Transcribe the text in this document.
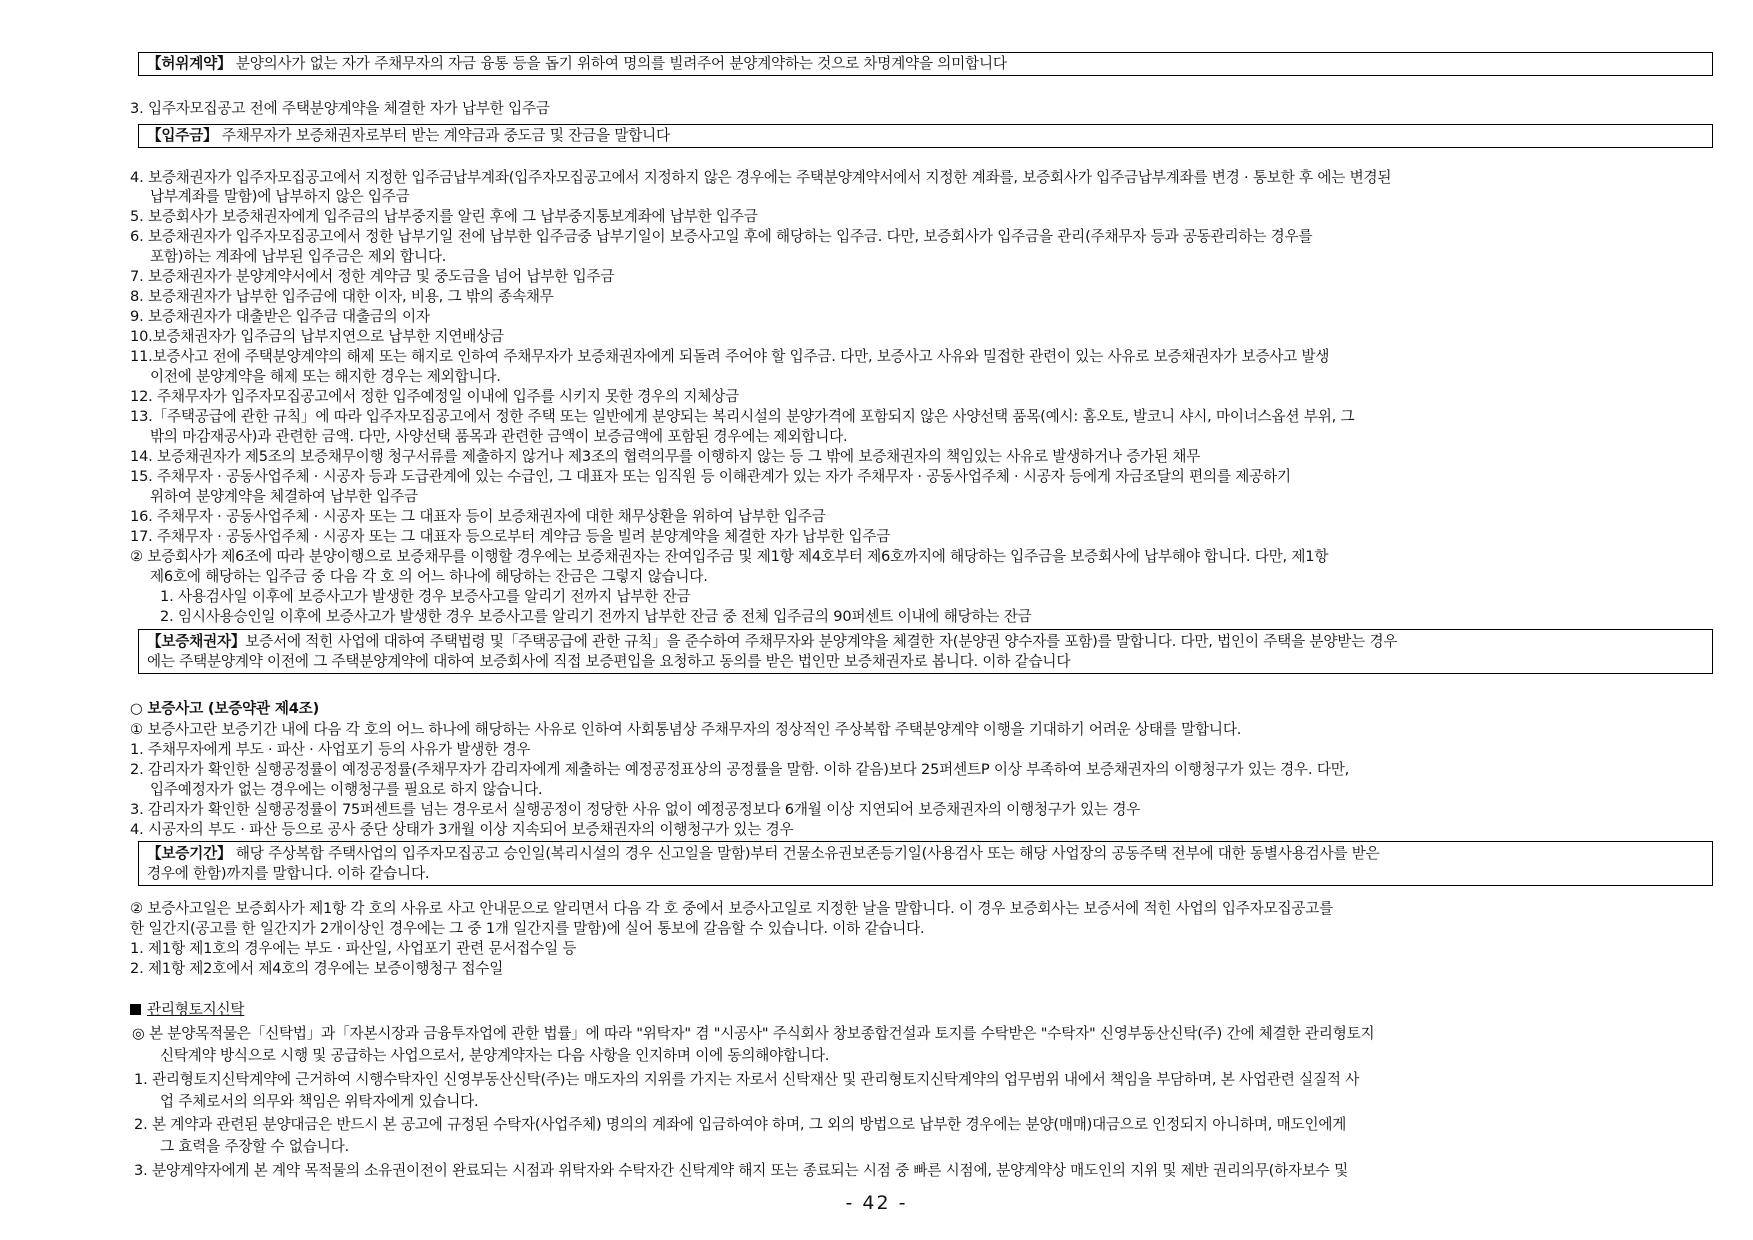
【허위계약】 분양의사가 없는 자가 주채무자의 자금 융통 등을 돕기 위하여 명의를 빌려주어 분양계약하는 것으로 차명계약을 의미합니다
3. 입주자모집공고 전에 주택분양계약을 체결한 자가 납부한 입주금
【입주금】 주채무자가 보증채권자로부터 받는 계약금과 중도금 및 잔금을 말합니다
4. 보증채권자가 입주자모집공고에서 지정한 입주금납부계좌(입주자모집공고에서 지정하지 않은 경우에는 주택분양계약서에서 지정한 계좌를, 보증회사가 입주금납부계좌를 변경 · 통보한 후 에는 변경된
납부계좌를 말함)에 납부하지 않은 입주금
5. 보증회사가 보증채권자에게 입주금의 납부중지를 알린 후에 그 납부중지통보계좌에 납부한 입주금
6. 보증채권자가 입주자모집공고에서 정한 납부기일 전에 납부한 입주금중 납부기일이 보증사고일 후에 해당하는 입주금. 다만, 보증회사가 입주금을 관리(주채무자 등과 공동관리하는 경우를
포함)하는 계좌에 납부된 입주금은 제외 합니다.
7. 보증채권자가 분양계약서에서 정한 계약금 및 중도금을 넘어 납부한 입주금
8. 보증채권자가 납부한 입주금에 대한 이자, 비용, 그 밖의 종속채무
9. 보증채권자가 대출받은 입주금 대출금의 이자
10.보증채권자가 입주금의 납부지연으로 납부한 지연배상금
11.보증사고 전에 주택분양계약의 해제 또는 해지로 인하여 주채무자가 보증채권자에게 되돌려 주어야 할 입주금. 다만, 보증사고 사유와 밀접한 관련이 있는 사유로 보증채권자가 보증사고 발생
이전에 분양계약을 해제 또는 해지한 경우는 제외합니다.
12. 주채무자가 입주자모집공고에서 정한 입주예정일 이내에 입주를 시키지 못한 경우의 지체상금
13.「주택공급에 관한 규칙」에 따라 입주자모집공고에서 정한 주택 또는 일반에게 분양되는 복리시설의 분양가격에 포함되지 않은 사양선택 품목(예시: 홈오토, 발코니 샤시, 마이너스옵션 부위, 그
밖의 마감재공사)과 관련한 금액. 다만, 사양선택 품목과 관련한 금액이 보증금액에 포함된 경우에는 제외합니다.
14. 보증채권자가 제5조의 보증채무이행 청구서류를 제출하지 않거나 제3조의 협력의무를 이행하지 않는 등 그 밖에 보증채권자의 책임있는 사유로 발생하거나 증가된 채무
15. 주채무자 · 공동사업주체 · 시공자 등과 도급관계에 있는 수급인, 그 대표자 또는 임직원 등 이해관계가 있는 자가 주채무자 · 공동사업주체 · 시공자 등에게 자금조달의 편의를 제공하기
위하여 분양계약을 체결하여 납부한 입주금
16. 주채무자 · 공동사업주체 · 시공자 또는 그 대표자 등이 보증채권자에 대한 채무상환을 위하여 납부한 입주금
17. 주채무자 · 공동사업주체 · 시공자 또는 그 대표자 등으로부터 계약금 등을 빌려 분양계약을 체결한 자가 납부한 입주금
② 보증회사가 제6조에 따라 분양이행으로 보증채무를 이행할 경우에는 보증채권자는 잔여입주금 및 제1항 제4호부터 제6호까지에 해당하는 입주금을 보증회사에 납부해야 합니다. 다만, 제1항
제6호에 해당하는 입주금 중 다음 각 호 의 어느 하나에 해당하는 잔금은 그렇지 않습니다.
1. 사용검사일 이후에 보증사고가 발생한 경우 보증사고를 알리기 전까지 납부한 잔금
2. 임시사용승인일 이후에 보증사고가 발생한 경우 보증사고를 알리기 전까지 납부한 잔금 중 전체 입주금의 90퍼센트 이내에 해당하는 잔금
【보증채권자】보증서에 적힌 사업에 대하여 주택법령 및「주택공급에 관한 규칙」을 준수하여 주채무자와 분양계약을 체결한 자(분양권 양수자를 포함)를 말합니다. 다만, 법인이 주택을 분양받는 경우
에는 주택분양계약 이전에 그 주택분양계약에 대하여 보증회사에 직접 보증편입을 요청하고 동의를 받은 법인만 보증채권자로 봅니다. 이하 같습니다
○ 보증사고 (보증약관 제4조)
① 보증사고란 보증기간 내에 다음 각 호의 어느 하나에 해당하는 사유로 인하여 사회통념상 주채무자의 정상적인 주상복합 주택분양계약 이행을 기대하기 어려운 상태를 말합니다.
1. 주채무자에게 부도 · 파산 · 사업포기 등의 사유가 발생한 경우
2. 감리자가 확인한 실행공정률이 예정공정률(주채무자가 감리자에게 제출하는 예정공정표상의 공정률을 말함. 이하 같음)보다 25퍼센트P 이상 부족하여 보증채권자의 이행청구가 있는 경우. 다만,
입주예정자가 없는 경우에는 이행청구를 필요로 하지 않습니다.
3. 감리자가 확인한 실행공정률이 75퍼센트를 넘는 경우로서 실행공정이 정당한 사유 없이 예정공정보다 6개월 이상 지연되어 보증채권자의 이행청구가 있는 경우
4. 시공자의 부도 · 파산 등으로 공사 중단 상태가 3개월 이상 지속되어 보증채권자의 이행청구가 있는 경우
【보증기간】 해당 주상복합 주택사업의 입주자모집공고 승인일(복리시설의 경우 신고일을 말함)부터 건물소유권보존등기일(사용검사 또는 해당 사업장의 공동주택 전부에 대한 동별사용검사를 받은
경우에 한함)까지를 말합니다. 이하 같습니다.
② 보증사고일은 보증회사가 제1항 각 호의 사유로 사고 안내문으로 알리면서 다음 각 호 중에서 보증사고일로 지정한 날을 말합니다. 이 경우 보증회사는 보증서에 적힌 사업의 입주자모집공고를
한 일간지(공고를 한 일간지가 2개이상인 경우에는 그 중 1개 일간지를 말함)에 실어 통보에 갈음할 수 있습니다. 이하 같습니다.
1. 제1항 제1호의 경우에는 부도 · 파산일, 사업포기 관련 문서접수일 등
2. 제1항 제2호에서 제4호의 경우에는 보증이행청구 접수일
관리형토지신탁
◎ 본 분양목적물은「신탁법」과「자본시장과 금융투자업에 관한 법률」에 따라 "위탁자" 겸 "시공사" 주식회사 창보종합건설과 토지를 수탁받은 "수탁자" 신영부동산신탁(주) 간에 체결한 관리형토지
신탁계약 방식으로 시행 및 공급하는 사업으로서, 분양계약자는 다음 사항을 인지하며 이에 동의해야합니다.
1. 관리형토지신탁계약에 근거하여 시행수탁자인 신영부동산신탁(주)는 매도자의 지위를 가지는 자로서 신탁재산 및 관리형토지신탁계약의 업무범위 내에서 책임을 부담하며, 본 사업관련 실질적 사
업 주체로서의 의무와 책임은 위탁자에게 있습니다.
2. 본 계약과 관련된 분양대금은 반드시 본 공고에 규정된 수탁자(사업주체) 명의의 계좌에 입금하여야 하며, 그 외의 방법으로 납부한 경우에는 분양(매매)대금으로 인정되지 아니하며, 매도인에게
그 효력을 주장할 수 없습니다.
3. 분양계약자에게 본 계약 목적물의 소유권이전이 완료되는 시점과 위탁자와 수탁자간 신탁계약 해지 또는 종료되는 시점 중 빠른 시점에, 분양계약상 매도인의 지위 및 제반 권리의무(하자보수 및
- 42 -
